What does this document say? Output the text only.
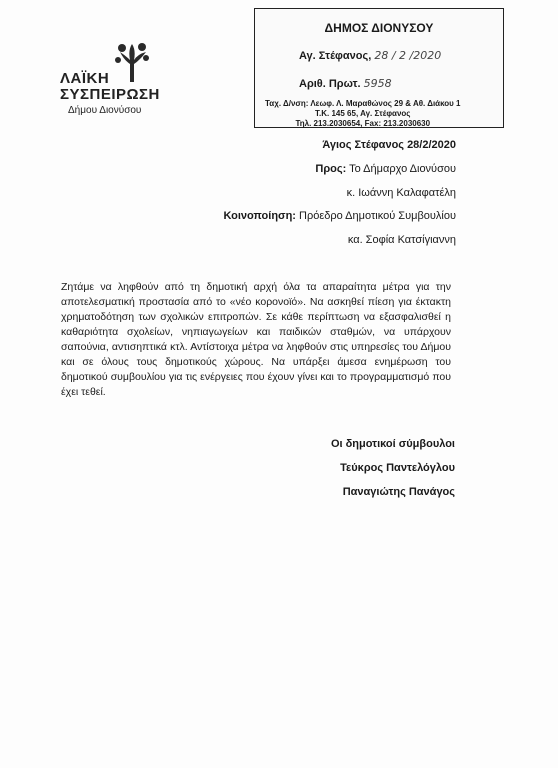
ΛΑΪΚΗ
ΣΥΣΠΕΙΡΩΣΗ
Δήμου Διονύσου
ΔΗΜΟΣ ΔΙΟΝΥΣΟΥ
Αγ. Στέφανος, 28 / 2 /2020
Αριθ. Πρωτ. 5958
Ταχ. Δ/νση: Λεωφ. Λ. Μαραθώνος 29 & Αθ. Διάκου 1
Τ.Κ. 145 65, Αγ. Στέφανος
Τηλ. 213.2030654, Fax: 213.2030630
Άγιος Στέφανος 28/2/2020
Προς: Το Δήμαρχο Διονύσου
κ. Ιωάννη Καλαφατέλη
Κοινοποίηση: Πρόεδρο Δημοτικού Συμβουλίου
κα. Σοφία Κατσίγιαννη
Ζητάμε να ληφθούν από τη δημοτική αρχή όλα τα απαραίτητα μέτρα για την αποτελεσματική προστασία από το «νέο κορονοϊό». Να ασκηθεί πίεση για έκτακτη χρηματοδότηση των σχολικών επιτροπών. Σε κάθε περίπτωση να εξασφαλισθεί η καθαριότητα σχολείων, νηπιαγωγείων και παιδικών σταθμών, να υπάρχουν σαπούνια, αντισηπτικά κτλ. Αντίστοιχα μέτρα να ληφθούν στις υπηρεσίες του Δήμου και σε όλους τους δημοτικούς χώρους. Να υπάρξει άμεσα ενημέρωση του δημοτικού συμβουλίου για τις ενέργειες που έχουν γίνει και το προγραμματισμό που έχει τεθεί.
Οι δημοτικοί σύμβουλοι
Τεύκρος Παντελόγλου
Παναγιώτης Πανάγος
